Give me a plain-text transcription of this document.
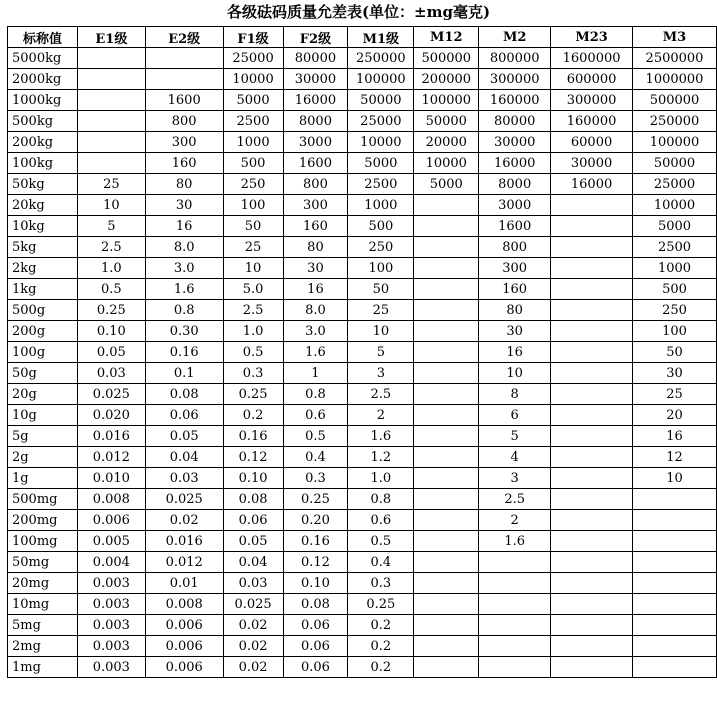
各级砝码质量允差表(单位：±mg毫克)
标称值	E1级	E2级	F1级	F2级	M1级	M12	M2	M23	M3
5000kg			25000	80000	250000	500000	800000	1600000	2500000
2000kg			10000	30000	100000	200000	300000	600000	1000000
1000kg		1600	5000	16000	50000	100000	160000	300000	500000
500kg		800	2500	8000	25000	50000	80000	160000	250000
200kg		300	1000	3000	10000	20000	30000	60000	100000
100kg		160	500	1600	5000	10000	16000	30000	50000
50kg	25	80	250	800	2500	5000	8000	16000	25000
20kg	10	30	100	300	1000		3000		10000
10kg	5	16	50	160	500		1600		5000
5kg	2.5	8.0	25	80	250		800		2500
2kg	1.0	3.0	10	30	100		300		1000
1kg	0.5	1.6	5.0	16	50		160		500
500g	0.25	0.8	2.5	8.0	25		80		250
200g	0.10	0.30	1.0	3.0	10		30		100
100g	0.05	0.16	0.5	1.6	5		16		50
50g	0.03	0.1	0.3	1	3		10		30
20g	0.025	0.08	0.25	0.8	2.5		8		25
10g	0.020	0.06	0.2	0.6	2		6		20
5g	0.016	0.05	0.16	0.5	1.6		5		16
2g	0.012	0.04	0.12	0.4	1.2		4		12
1g	0.010	0.03	0.10	0.3	1.0		3		10
500mg	0.008	0.025	0.08	0.25	0.8		2.5		
200mg	0.006	0.02	0.06	0.20	0.6		2		
100mg	0.005	0.016	0.05	0.16	0.5		1.6		
50mg	0.004	0.012	0.04	0.12	0.4				
20mg	0.003	0.01	0.03	0.10	0.3				
10mg	0.003	0.008	0.025	0.08	0.25				
5mg	0.003	0.006	0.02	0.06	0.2				
2mg	0.003	0.006	0.02	0.06	0.2				
1mg	0.003	0.006	0.02	0.06	0.2				
